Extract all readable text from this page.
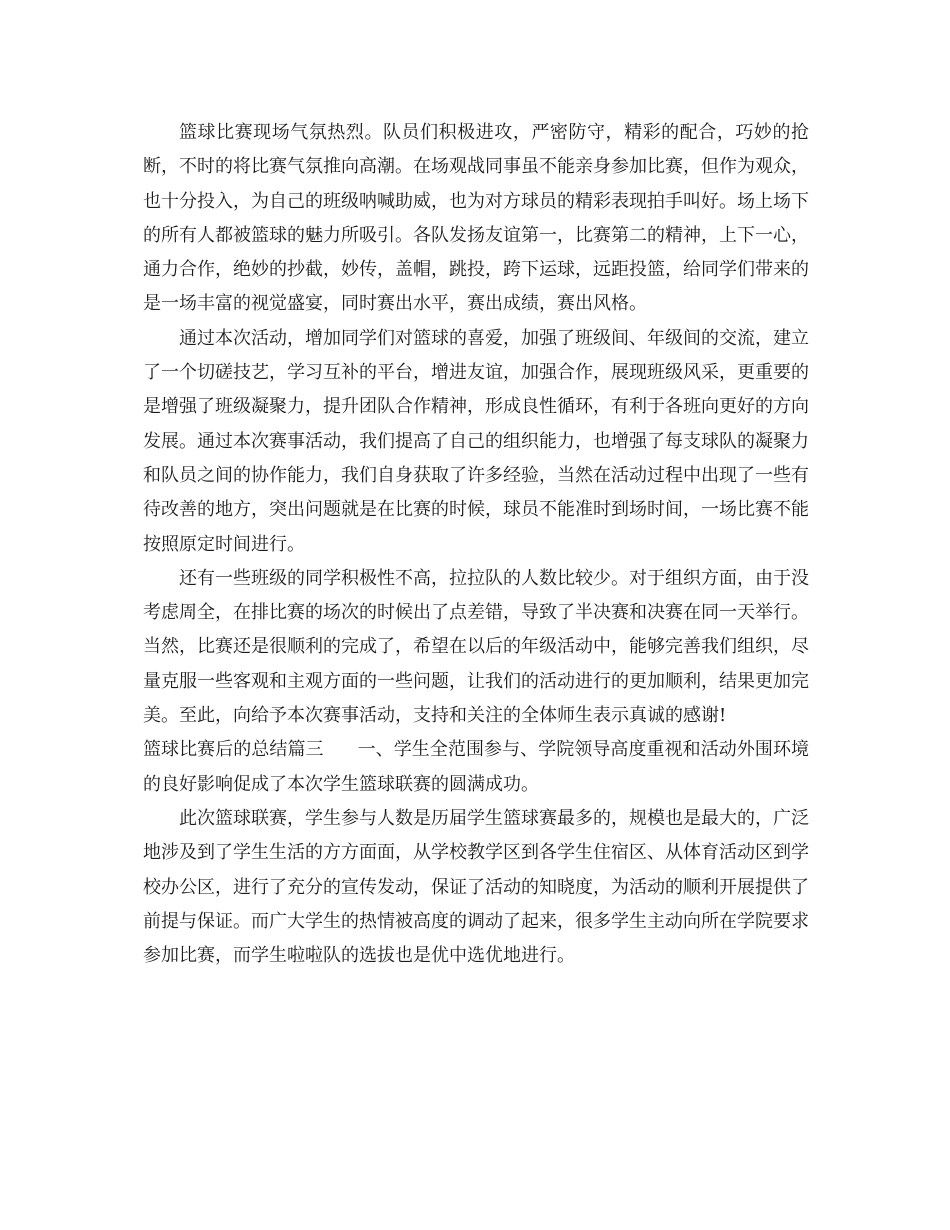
篮球比赛现场气氛热烈。队员们积极进攻，严密防守，精彩的配合，巧妙的抢断，不时的将比赛气氛推向高潮。在场观战同事虽不能亲身参加比赛，但作为观众，也十分投入，为自己的班级呐喊助威，也为对方球员的精彩表现拍手叫好。场上场下的所有人都被篮球的魅力所吸引。各队发扬友谊第一，比赛第二的精神，上下一心，通力合作，绝妙的抄截，妙传，盖帽，跳投，跨下运球，远距投篮，给同学们带来的是一场丰富的视觉盛宴，同时赛出水平，赛出成绩，赛出风格。

通过本次活动，增加同学们对篮球的喜爱，加强了班级间、年级间的交流，建立了一个切磋技艺，学习互补的平台，增进友谊，加强合作，展现班级风采，更重要的是增强了班级凝聚力，提升团队合作精神，形成良性循环，有利于各班向更好的方向发展。通过本次赛事活动，我们提高了自己的组织能力，也增强了每支球队的凝聚力和队员之间的协作能力，我们自身获取了许多经验，当然在活动过程中出现了一些有待改善的地方，突出问题就是在比赛的时候，球员不能准时到场时间，一场比赛不能按照原定时间进行。

还有一些班级的同学积极性不高，拉拉队的人数比较少。对于组织方面，由于没考虑周全，在排比赛的场次的时候出了点差错，导致了半决赛和决赛在同一天举行。当然，比赛还是很顺利的完成了，希望在以后的年级活动中，能够完善我们组织，尽量克服一些客观和主观方面的一些问题，让我们的活动进行的更加顺利，结果更加完美。至此，向给予本次赛事活动，支持和关注的全体师生表示真诚的感谢!

篮球比赛后的总结篇三 一、学生全范围参与、学院领导高度重视和活动外围环境的良好影响促成了本次学生篮球联赛的圆满成功。

此次篮球联赛，学生参与人数是历届学生篮球赛最多的，规模也是最大的，广泛地涉及到了学生生活的方方面面，从学校教学区到各学生住宿区、从体育活动区到学校办公区，进行了充分的宣传发动，保证了活动的知晓度，为活动的顺利开展提供了前提与保证。而广大学生的热情被高度的调动了起来，很多学生主动向所在学院要求参加比赛，而学生啦啦队的选拔也是优中选优地进行。
